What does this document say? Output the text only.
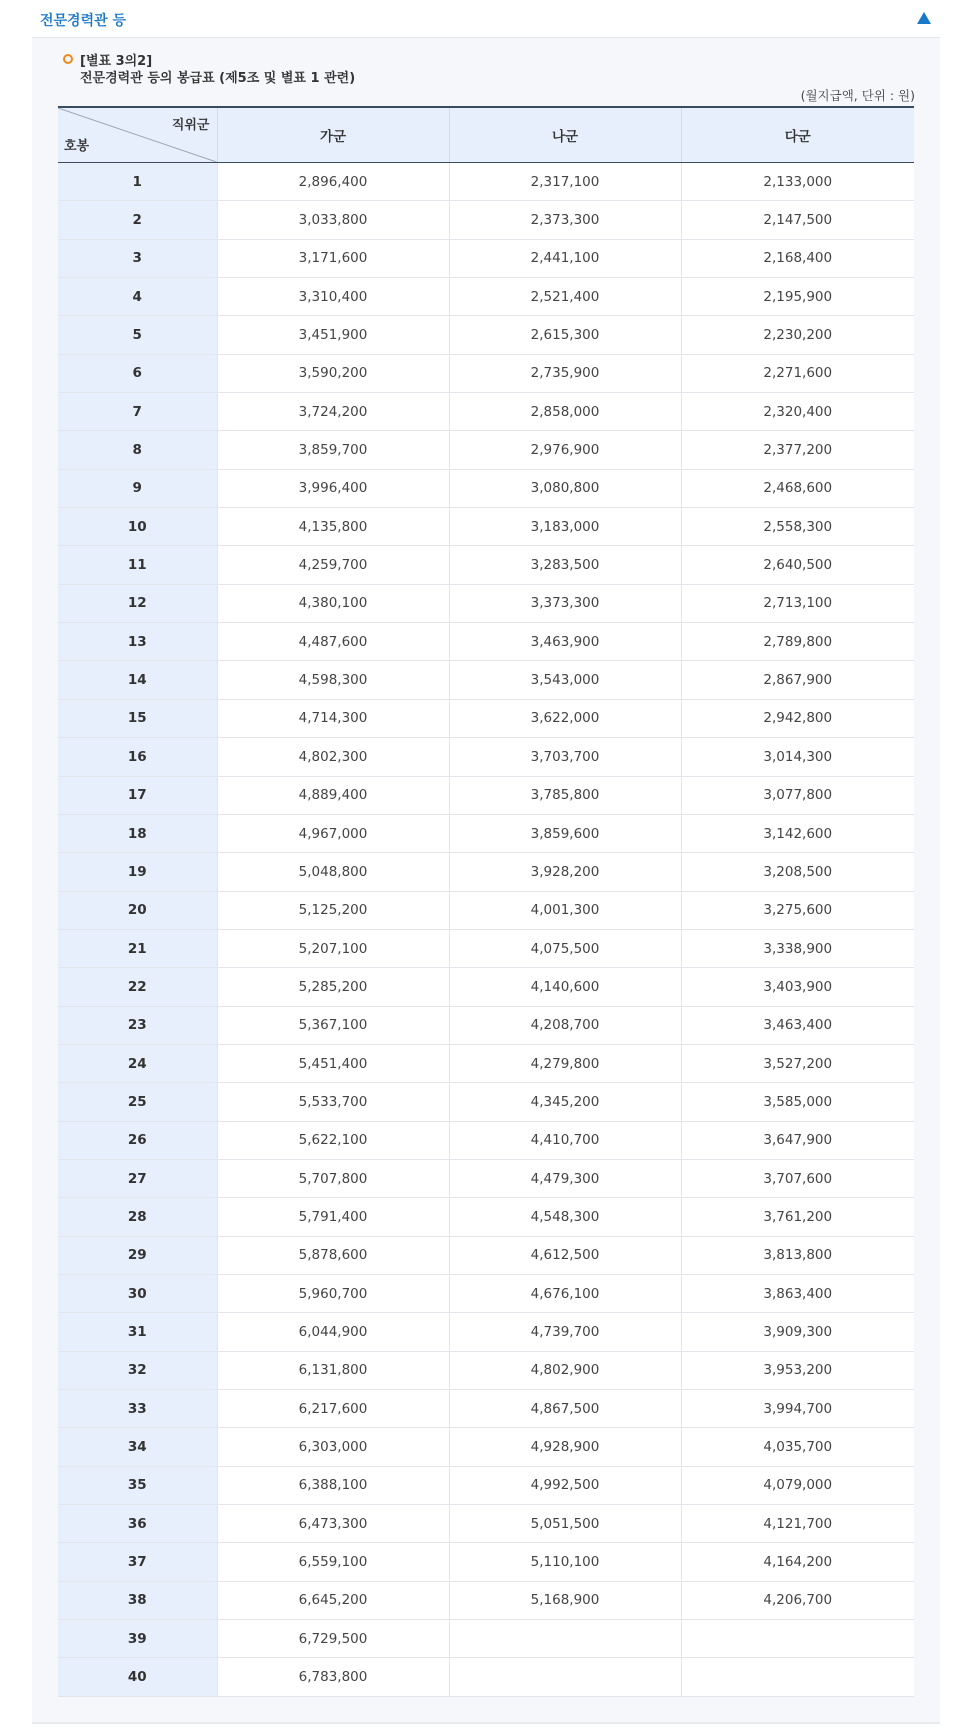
전문경력관 등
[별표 3의2]
전문경력관 등의 봉급표 (제5조 및 별표 1 관련)
(월지급액, 단위 : 원)
직위군
호봉	가군	나군	다군
1	2,896,400	2,317,100	2,133,000
2	3,033,800	2,373,300	2,147,500
3	3,171,600	2,441,100	2,168,400
4	3,310,400	2,521,400	2,195,900
5	3,451,900	2,615,300	2,230,200
6	3,590,200	2,735,900	2,271,600
7	3,724,200	2,858,000	2,320,400
8	3,859,700	2,976,900	2,377,200
9	3,996,400	3,080,800	2,468,600
10	4,135,800	3,183,000	2,558,300
11	4,259,700	3,283,500	2,640,500
12	4,380,100	3,373,300	2,713,100
13	4,487,600	3,463,900	2,789,800
14	4,598,300	3,543,000	2,867,900
15	4,714,300	3,622,000	2,942,800
16	4,802,300	3,703,700	3,014,300
17	4,889,400	3,785,800	3,077,800
18	4,967,000	3,859,600	3,142,600
19	5,048,800	3,928,200	3,208,500
20	5,125,200	4,001,300	3,275,600
21	5,207,100	4,075,500	3,338,900
22	5,285,200	4,140,600	3,403,900
23	5,367,100	4,208,700	3,463,400
24	5,451,400	4,279,800	3,527,200
25	5,533,700	4,345,200	3,585,000
26	5,622,100	4,410,700	3,647,900
27	5,707,800	4,479,300	3,707,600
28	5,791,400	4,548,300	3,761,200
29	5,878,600	4,612,500	3,813,800
30	5,960,700	4,676,100	3,863,400
31	6,044,900	4,739,700	3,909,300
32	6,131,800	4,802,900	3,953,200
33	6,217,600	4,867,500	3,994,700
34	6,303,000	4,928,900	4,035,700
35	6,388,100	4,992,500	4,079,000
36	6,473,300	5,051,500	4,121,700
37	6,559,100	5,110,100	4,164,200
38	6,645,200	5,168,900	4,206,700
39	6,729,500		
40	6,783,800		
